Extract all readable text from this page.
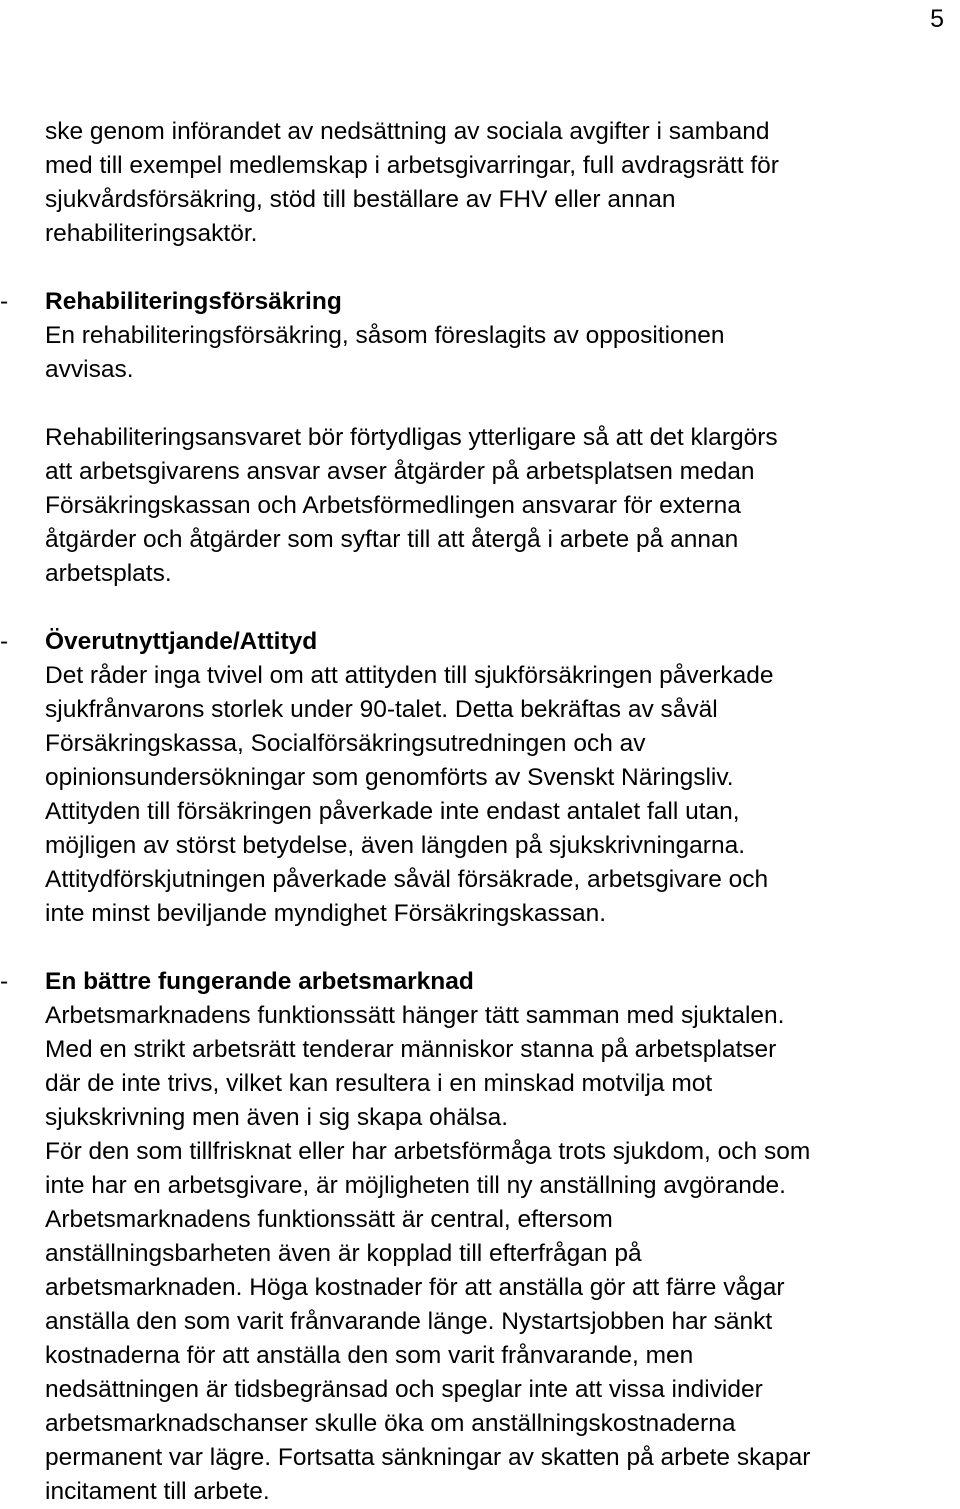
5
ske genom införandet av nedsättning av sociala avgifter i samband
med till exempel medlemskap i arbetsgivarringar, full avdragsrätt för
sjukvårdsförsäkring, stöd till beställare av FHV eller annan
rehabiliteringsaktör.
-	Rehabiliteringsförsäkring
En rehabiliteringsförsäkring, såsom föreslagits av oppositionen
avvisas.
Rehabiliteringsansvaret bör förtydligas ytterligare så att det klargörs
att arbetsgivarens ansvar avser åtgärder på arbetsplatsen medan
Försäkringskassan och Arbetsförmedlingen ansvarar för externa
åtgärder och åtgärder som syftar till att återgå i arbete på annan
arbetsplats.
-	Överutnyttjande/Attityd
Det råder inga tvivel om att attityden till sjukförsäkringen påverkade
sjukfrånvarons storlek under 90-talet. Detta bekräftas av såväl
Försäkringskassa, Socialförsäkringsutredningen och av
opinionsundersökningar som genomförts av Svenskt Näringsliv.
Attityden till försäkringen påverkade inte endast antalet fall utan,
möjligen av störst betydelse, även längden på sjukskrivningarna.
Attitydförskjutningen påverkade såväl försäkrade, arbetsgivare och
inte minst beviljande myndighet Försäkringskassan.
-	En bättre fungerande arbetsmarknad
Arbetsmarknadens funktionssätt hänger tätt samman med sjuktalen.
Med en strikt arbetsrätt tenderar människor stanna på arbetsplatser
där de inte trivs, vilket kan resultera i en minskad motvilja mot
sjukskrivning men även i sig skapa ohälsa.
För den som tillfrisknat eller har arbetsförmåga trots sjukdom, och som
inte har en arbetsgivare, är möjligheten till ny anställning avgörande.
Arbetsmarknadens funktionssätt är central, eftersom
anställningsbarheten även är kopplad till efterfrågan på
arbetsmarknaden. Höga kostnader för att anställa gör att färre vågar
anställa den som varit frånvarande länge. Nystartsjobben har sänkt
kostnaderna för att anställa den som varit frånvarande, men
nedsättningen är tidsbegränsad och speglar inte att vissa individer
arbetsmarknadschanser skulle öka om anställningskostnaderna
permanent var lägre. Fortsatta sänkningar av skatten på arbete skapar
incitament till arbete.
